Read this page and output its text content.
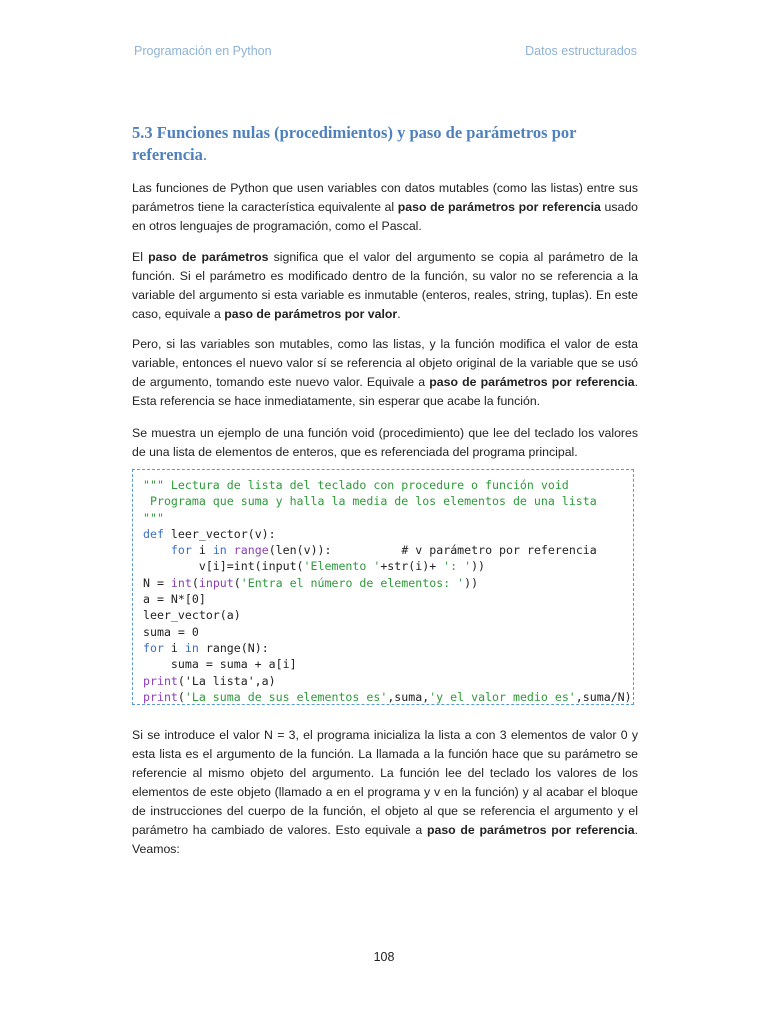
Programación en Python	Datos estructurados
5.3 Funciones nulas (procedimientos) y paso de parámetros por referencia.

Las funciones de Python que usen variables con datos mutables (como las listas) entre sus parámetros tiene la característica equivalente al paso de parámetros por referencia usado en otros lenguajes de programación, como el Pascal.

El paso de parámetros significa que el valor del argumento se copia al parámetro de la función. Si el parámetro es modificado dentro de la función, su valor no se referencia a la variable del argumento si esta variable es inmutable (enteros, reales, string, tuplas). En este caso, equivale a paso de parámetros por valor.

Pero, si las variables son mutables, como las listas, y la función modifica el valor de esta variable, entonces el nuevo valor sí se referencia al objeto original de la variable que se usó de argumento, tomando este nuevo valor. Equivale a paso de parámetros por referencia. Esta referencia se hace inmediatamente, sin esperar que acabe la función.

Se muestra un ejemplo de una función void (procedimiento) que lee del teclado los valores de una lista de elementos de enteros, que es referenciada del programa principal.

""" Lectura de lista del teclado con procedure o función void
Programa que suma y halla la media de los elementos de una lista
"""
def leer_vector(v):
for i in range(len(v)):	# v parámetro por referencia
v[i]=int(input('Elemento '+str(i)+ ': '))
N = int(input('Entra el número de elementos: '))
a = N*[0]
leer_vector(a)
suma = 0
for i in range(N):
suma = suma + a[i]
print('La lista',a)
print('La suma de sus elementos es',suma,'y el valor medio es',suma/N)

Si se introduce el valor N = 3, el programa inicializa la lista a con 3 elementos de valor 0 y esta lista es el argumento de la función. La llamada a la función hace que su parámetro se referencie al mismo objeto del argumento. La función lee del teclado los valores de los elementos de este objeto (llamado a en el programa y v en la función) y al acabar el bloque de instrucciones del cuerpo de la función, el objeto al que se referencia el argumento y el parámetro ha cambiado de valores. Esto equivale a paso de parámetros por referencia. Veamos:

108
